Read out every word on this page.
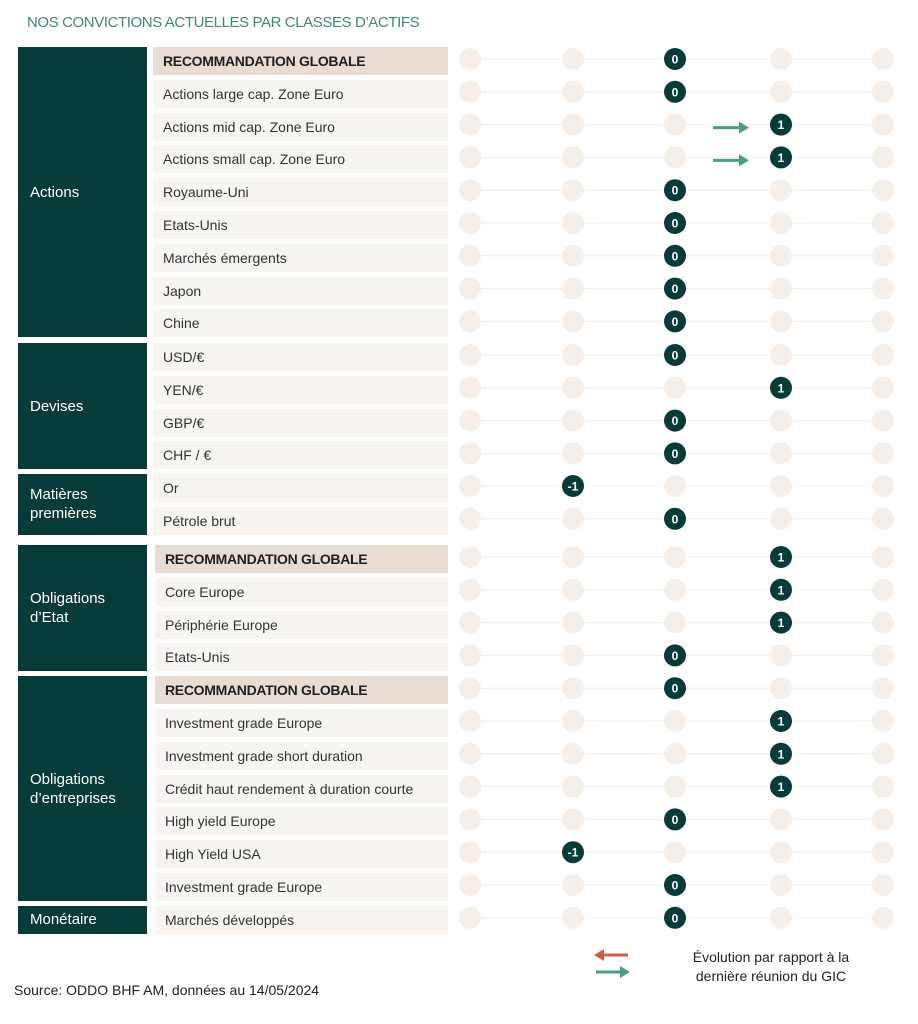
NOS CONVICTIONS ACTUELLES PAR CLASSES D’ACTIFS
Actions
Devises
Matières premières
Obligations d’Etat
Obligations d’entreprises
Monétaire
RECOMMANDATION GLOBALE
Actions large cap. Zone Euro
Actions mid cap. Zone Euro
Actions small cap. Zone Euro
Royaume-Uni
Etats-Unis
Marchés émergents
Japon
Chine
USD/€
YEN/€
GBP/€
CHF / €
Or
Pétrole brut
RECOMMANDATION GLOBALE
Core Europe
Périphérie Europe
Etats-Unis
RECOMMANDATION GLOBALE
Investment grade Europe
Investment grade short duration
Crédit haut rendement à duration courte
High yield Europe
High Yield USA
Investment grade Europe
Marchés développés
0
0
1
1
0
0
0
0
0
0
1
0
0
-1
0
1
1
1
0
0
1
1
1
0
-1
0
0
Évolution par rapport à la dernière réunion du GIC
Source: ODDO BHF AM, données au 14/05/2024
